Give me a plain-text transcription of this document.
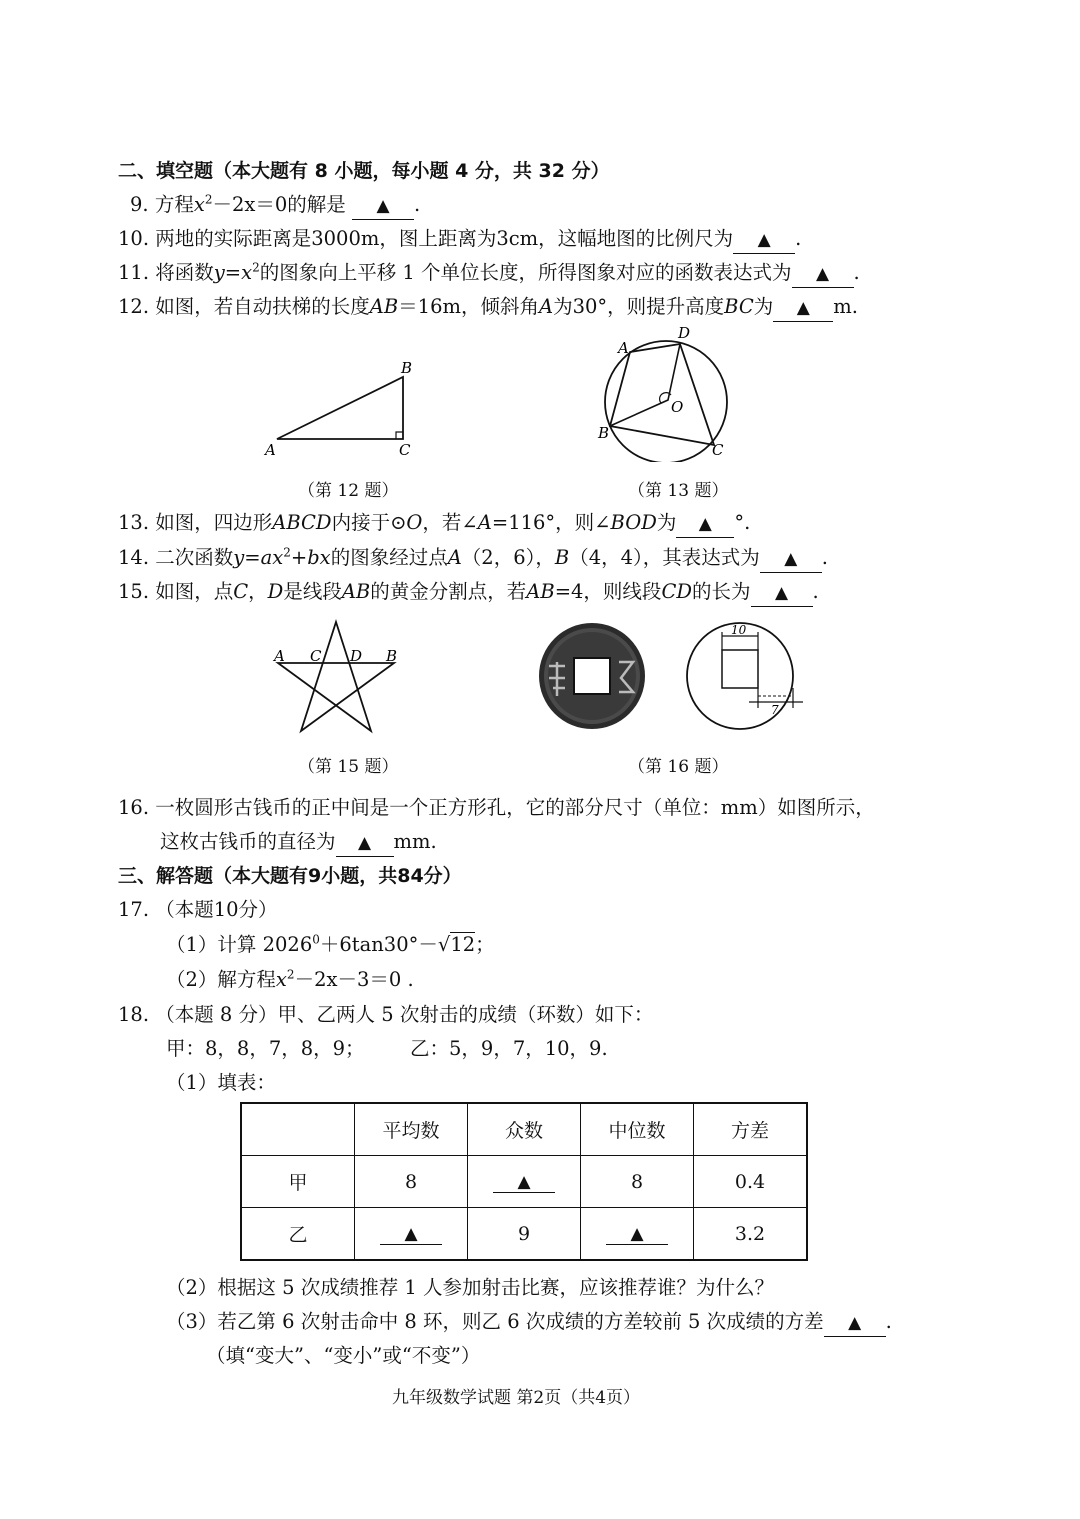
二、填空题（本大题有 8 小题，每小题 4 分，共 32 分）
9. 方程$x^2-2x=0$的解是 ▲ .
10. 两地的实际距离是3000m，图上距离为3cm，这幅地图的比例尺为 ▲ .
11. 将函数$y=x^2$的图象向上平移 1 个单位长度，所得图象对应的函数表达式为 ▲ .
12. 如图，若自动扶梯的长度AB＝16m，倾斜角A为30°，则提升高度BC为 ▲ m.
A
B
C
（第 12 题）
A
B
C
D
O
（第 13 题）
13. 如图，四边形ABCD内接于⊙O，若∠A=116°，则∠BOD为 ▲ °.
14. 二次函数$y=ax^2+bx$的图象经过点A（2，6），B（4，4），其表达式为 ▲ .
15. 如图，点C，D是线段AB的黄金分割点，若AB=4，则线段CD的长为 ▲ .
A C D B
（第 15 题）
10
7
（第 16 题）
16. 一枚圆形古钱币的正中间是一个正方形孔，它的部分尺寸（单位：mm）如图所示，
这枚古钱币的直径为 ▲ mm.
三、解答题（本大题有9小题，共84分）
17. （本题10分）
（1）计算 $2026^0+6\tan 30^\circ-√12$；
（2）解方程$x^2-2x-3=0$ .
18. （本题 8 分）甲、乙两人 5 次射击的成绩（环数）如下：
甲：8，8，7，8，9； 乙：5，9，7，10，9.
（1）填表：
	平均数	众数	中位数	方差
甲	8	▲	8	0.4
乙	▲	9	▲	3.2
（2）根据这 5 次成绩推荐 1 人参加射击比赛，应该推荐谁？为什么？
（3）若乙第 6 次射击命中 8 环，则乙 6 次成绩的方差较前 5 次成绩的方差 ▲ .
（填“变大”、“变小”或“不变”）
九年级数学试题 第2页（共4页）
